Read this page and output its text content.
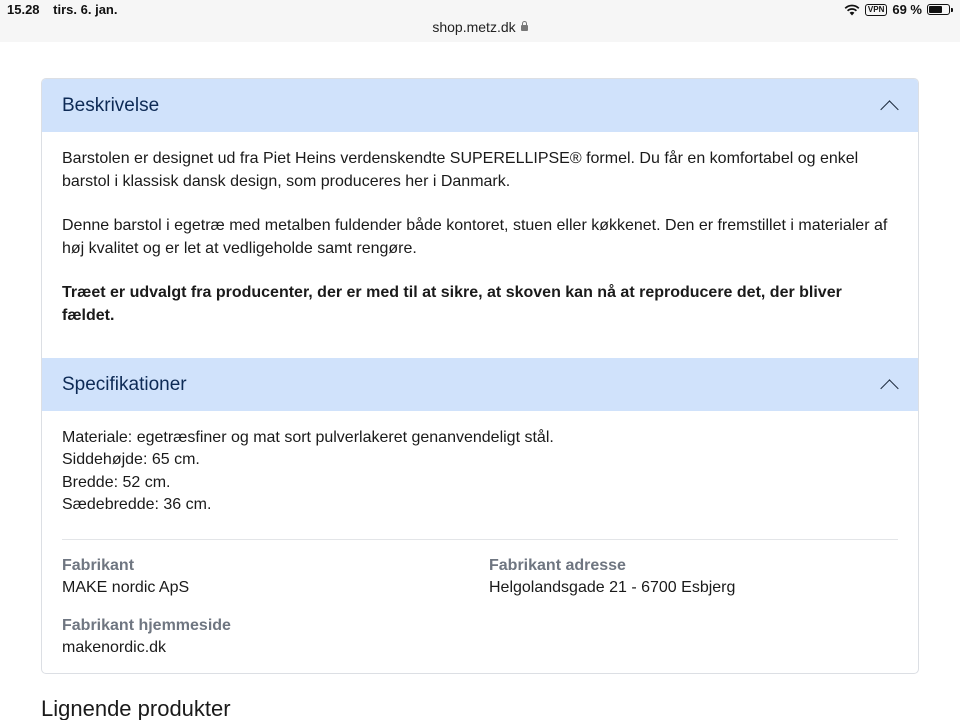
15.28 tirs. 6. jan.	VPN 69 %
shop.metz.dk
Beskrivelse

Barstolen er designet ud fra Piet Heins verdenskendte SUPERELLIPSE® formel. Du får en komfortabel og enkel barstol i klassisk dansk design, som produceres her i Danmark.

Denne barstol i egetræ med metalben fuldender både kontoret, stuen eller køkkenet. Den er fremstillet i materialer af høj kvalitet og er let at vedligeholde samt rengøre.

Træet er udvalgt fra producenter, der er med til at sikre, at skoven kan nå at reproducere det, der bliver fældet.

Specifikationer
Materiale: egetræsfiner og mat sort pulverlakeret genanvendeligt stål.
Siddehøjde: 65 cm.
Bredde: 52 cm.
Sædebredde: 36 cm.
Fabrikant
MAKE nordic ApS
Fabrikant adresse
Helgolandsgade 21 - 6700 Esbjerg
Fabrikant hjemmeside
makenordic.dk
Lignende produkter
